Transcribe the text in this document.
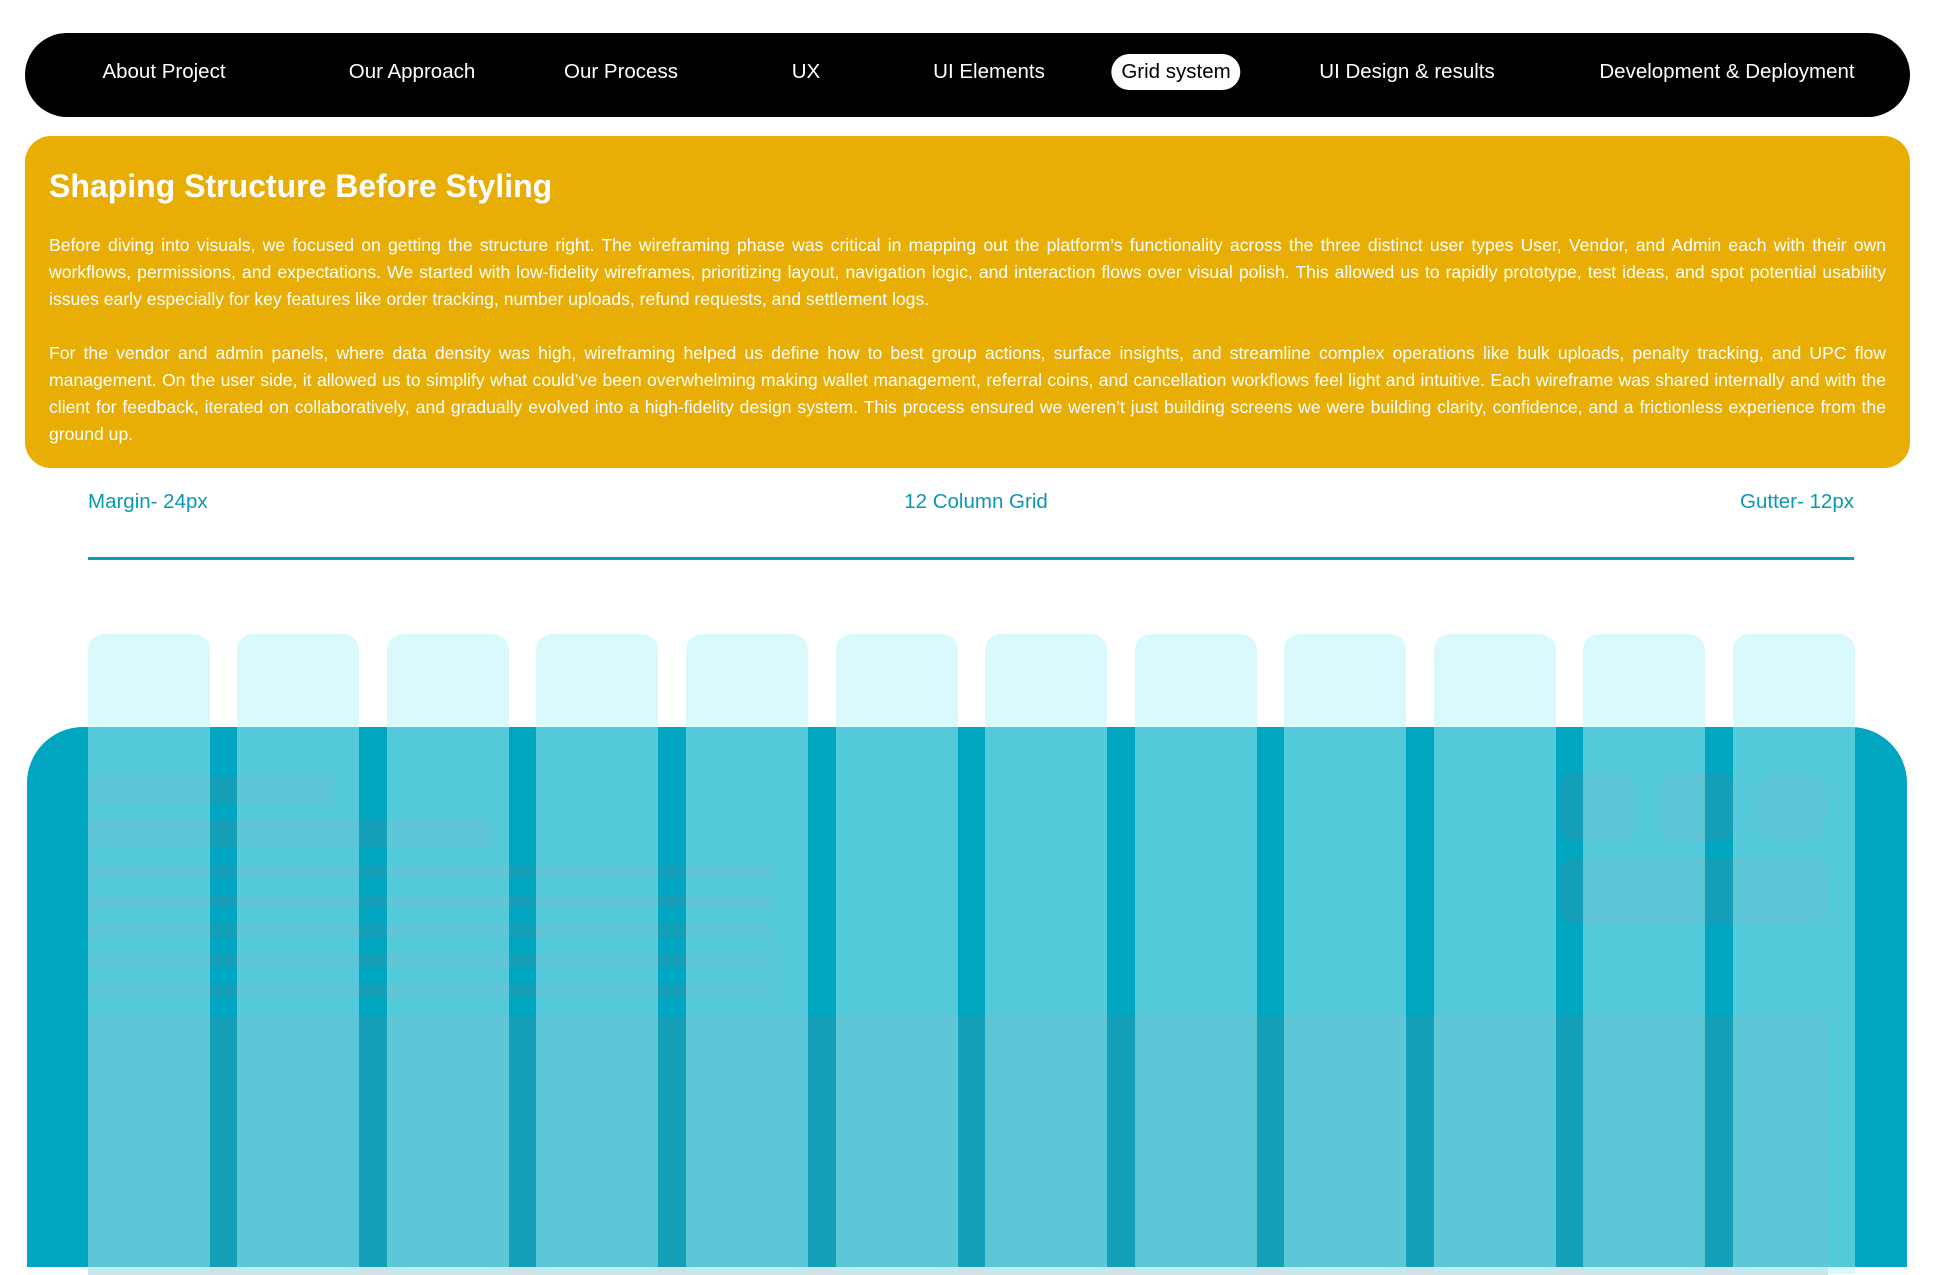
About Project	Our Approach	Our Process	UX	UI Elements	Grid system	UI Design & results	Development & Deployment
Shaping Structure Before Styling

Before diving into visuals, we focused on getting the structure right. The wireframing phase was critical in mapping out the platform’s functionality across the three distinct user types User, Vendor, and Admin each with their own workflows, permissions, and expectations. We started with low-fidelity wireframes, prioritizing layout, navigation logic, and interaction flows over visual polish. This allowed us to rapidly prototype, test ideas, and spot potential usability issues early especially for key features like order tracking, number uploads, refund requests, and settlement logs.

For the vendor and admin panels, where data density was high, wireframing helped us define how to best group actions, surface insights, and streamline complex operations like bulk uploads, penalty tracking, and UPC flow management. On the user side, it allowed us to simplify what could’ve been overwhelming making wallet management, referral coins, and cancellation workflows feel light and intuitive. Each wireframe was shared internally and with the client for feedback, iterated on collaboratively, and gradually evolved into a high-fidelity design system. This process ensured we weren’t just building screens we were building clarity, confidence, and a frictionless experience from the ground up.

Margin- 24px	12 Column Grid	Gutter- 12px
